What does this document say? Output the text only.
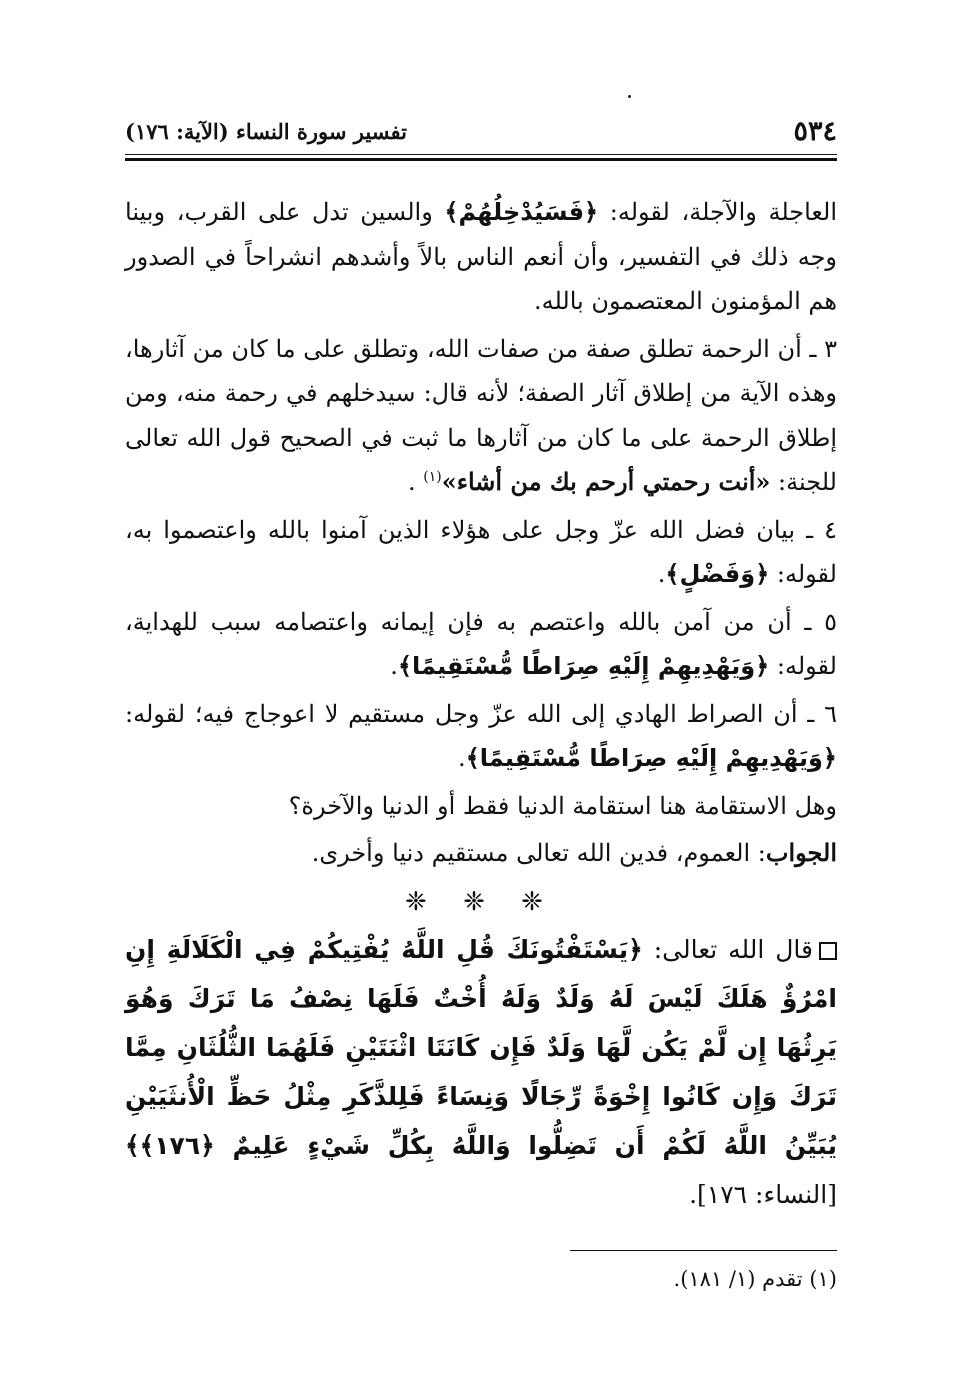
٥٣٤
تفسير سورة النساء (الآية: ١٧٦)

العاجلة والآجلة، لقوله: ﴿فَسَيُدْخِلُهُمْ﴾ والسين تدل على القرب، وبينا وجه ذلك في التفسير، وأن أنعم الناس بالاً وأشدهم انشراحاً في الصدور هم المؤمنون المعتصمون بالله.

٣ ـ أن الرحمة تطلق صفة من صفات الله، وتطلق على ما كان من آثارها، وهذه الآية من إطلاق آثار الصفة؛ لأنه قال: سيدخلهم في رحمة منه، ومن إطلاق الرحمة على ما كان من آثارها ما ثبت في الصحيح قول الله تعالى للجنة: «أنت رحمتي أرحم بك من أشاء»$^{(١)}$ .

٤ ـ بيان فضل الله عزّ وجل على هؤلاء الذين آمنوا بالله واعتصموا به، لقوله: ﴿وَفَضْلٍ﴾.

٥ ـ أن من آمن بالله واعتصم به فإن إيمانه واعتصامه سبب للهداية، لقوله: ﴿وَيَهْدِيهِمْ إِلَيْهِ صِرَاطًا مُّسْتَقِيمًا﴾.

٦ ـ أن الصراط الهادي إلى الله عزّ وجل مستقيم لا اعوجاج فيه؛ لقوله: ﴿وَيَهْدِيهِمْ إِلَيْهِ صِرَاطًا مُّسْتَقِيمًا﴾.

وهل الاستقامة هنا استقامة الدنيا فقط أو الدنيا والآخرة؟

الجواب: العموم، فدين الله تعالى مستقيم دنيا وأخرى.

❈ ❈ ❈

قال الله تعالى: ﴿يَسْتَفْتُونَكَ قُلِ اللَّهُ يُفْتِيكُمْ فِي الْكَلَالَةِ إِنِ امْرُؤٌ هَلَكَ لَيْسَ لَهُ وَلَدٌ وَلَهُ أُخْتٌ فَلَهَا نِصْفُ مَا تَرَكَ وَهُوَ يَرِثُهَا إِن لَّمْ يَكُن لَّهَا وَلَدٌ فَإِن كَانَتَا اثْنَتَيْنِ فَلَهُمَا الثُّلُثَانِ مِمَّا تَرَكَ وَإِن كَانُوا إِخْوَةً رِّجَالًا وَنِسَاءً فَلِلذَّكَرِ مِثْلُ حَظِّ الْأُنثَيَيْنِ يُبَيِّنُ اللَّهُ لَكُمْ أَن تَضِلُّوا وَاللَّهُ بِكُلِّ شَيْءٍ عَلِيمٌ ﴿١٧٦﴾﴾ [النساء: ١٧٦].

(١) تقدم (١/ ١٨١).
